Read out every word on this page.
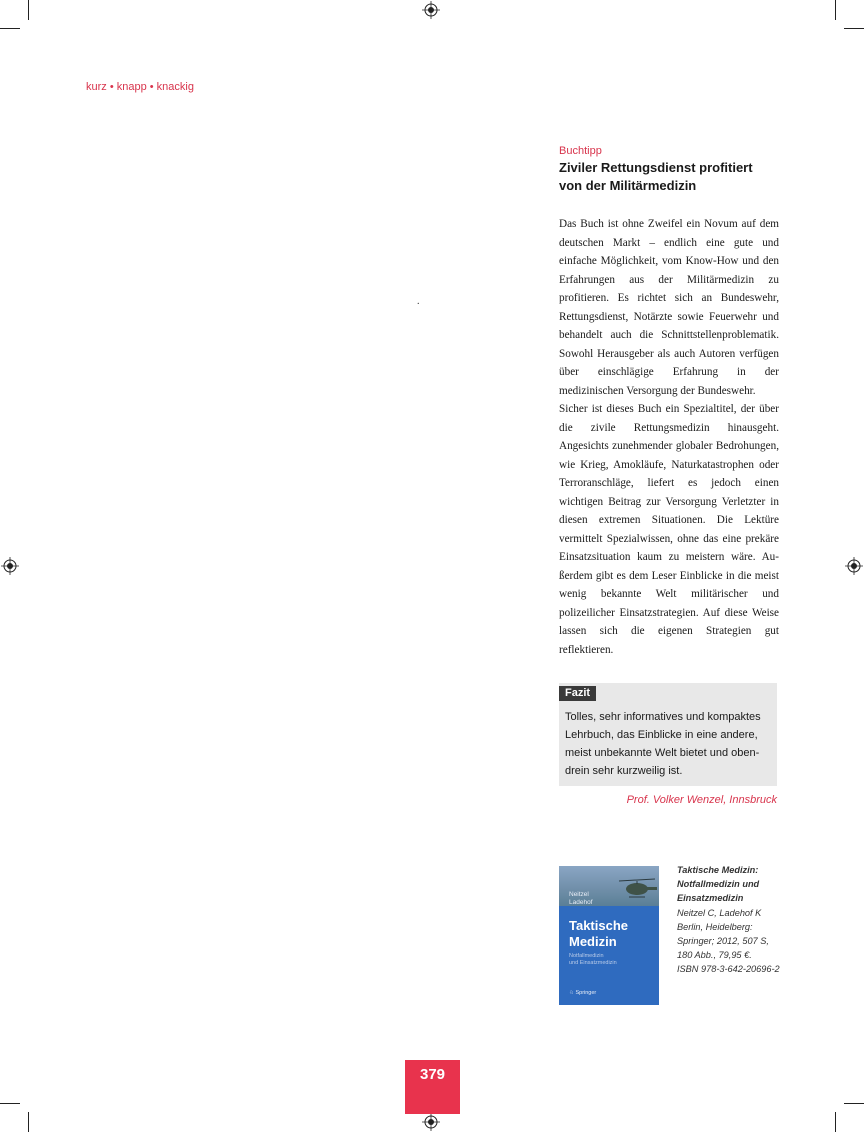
kurz • knapp • knackig
.
Buchtipp
Ziviler Rettungsdienst profitiert von der Militärmedizin

Das Buch ist ohne Zweifel ein Novum auf dem deutschen Markt – endlich eine gute und einfache Möglichkeit, vom Know-How und den Erfahrungen aus der Militärmedizin zu profitieren. Es richtet sich an Bundeswehr, Rettungsdienst, Notärzte sowie Feuerwehr und behandelt auch die Schnittstellenproblematik. Sowohl Herausgeber als auch Autoren verfügen über einschlägige Erfahrung in der medizinischen Versorgung der Bundeswehr.

Sicher ist dieses Buch ein Spezialtitel, der über die zivile Rettungsmedizin hinausgeht. Angesichts zunehmender globaler Bedrohungen, wie Krieg, Amokläufe, Naturkatastrophen oder Terroranschläge, liefert es jedoch einen wichtigen Beitrag zur Versorgung Verletzter in diesen extremen Situationen. Die Lektüre vermittelt Spezialwissen, ohne das eine prekäre Einsatzsituation kaum zu meistern wäre. Außerdem gibt es dem Leser Einblicke in die meist wenig bekannte Welt militärischer und polizeilicher Einsatzstrategien. Auf diese Weise lassen sich die eigenen Strategien gut reflektieren.

Fazit

Tolles, sehr informatives und kompaktes Lehrbuch, das Einblicke in eine andere, meist unbekannte Welt bietet und obendrein sehr kurzweilig ist.

Prof. Volker Wenzel, Innsbruck
Neitzel
Ladehof
Taktische
Medizin
Notfallmedizin
und Einsatzmedizin
♘ Springer
Taktische Medizin:
Notfallmedizin und
Einsatzmedizin
Neitzel C, Ladehof K
Berlin, Heidelberg:
Springer; 2012, 507 S,
180 Abb., 79,95 €.
ISBN 978-3-642-20696-2
379
